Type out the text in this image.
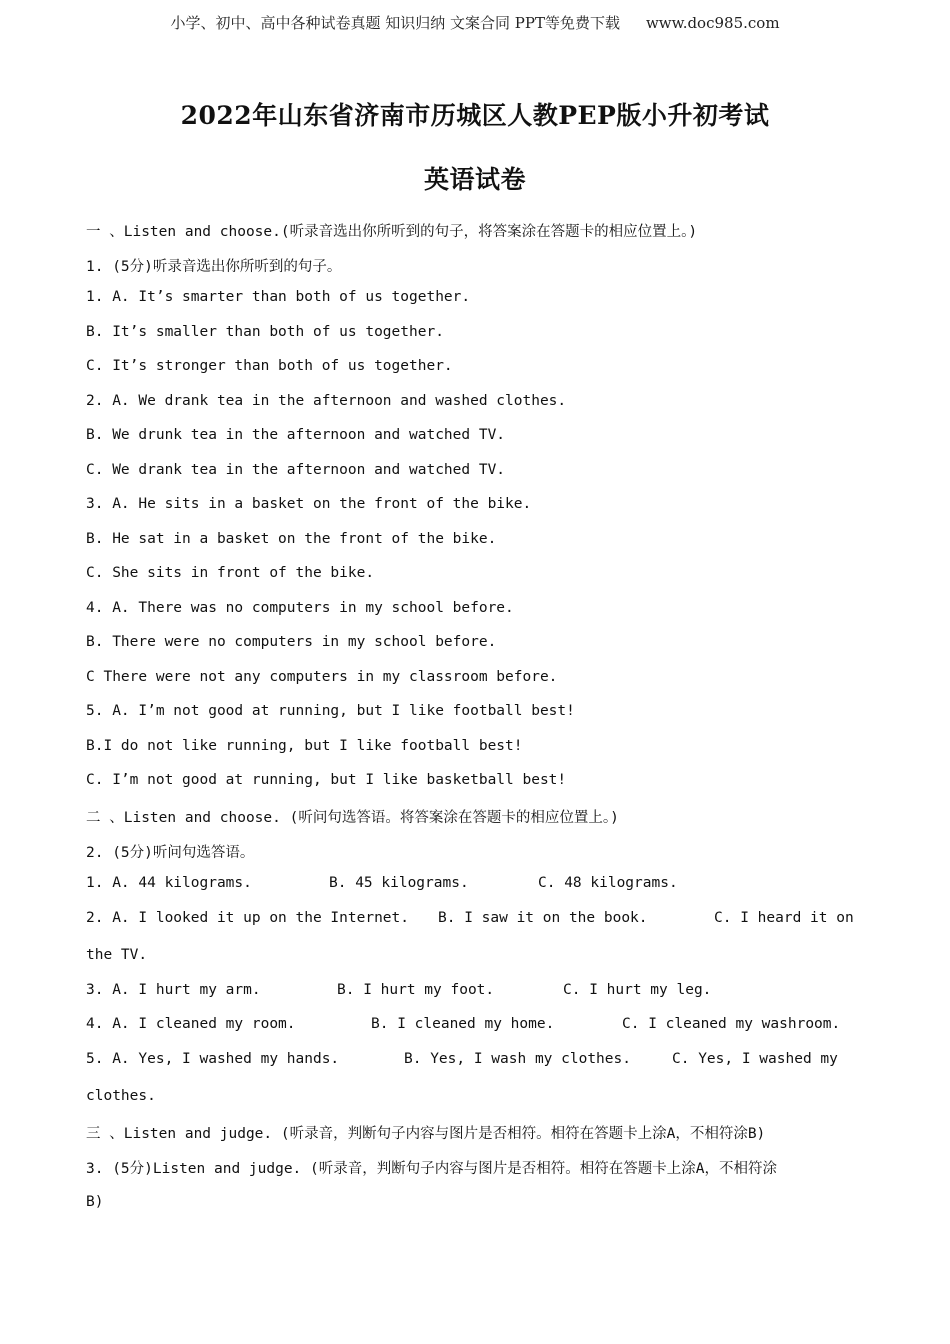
小学、初中、高中各种试卷真题 知识归纳 文案合同 PPT等免费下载 www.doc985.com
2022年山东省济南市历城区人教PEP版小升初考试
英语试卷
一 、Listen and choose.(听录音选出你所听到的句子，将答案涂在答题卡的相应位置上。)
1. (5分)听录音选出你所听到的句子。
1. A. It’s smarter than both of us together.
B. It’s smaller than both of us together.
C. It’s stronger than both of us together.
2. A. We drank tea in the afternoon and washed clothes.
B. We drunk tea in the afternoon and watched TV.
C. We drank tea in the afternoon and watched TV.
3. A. He sits in a basket on the front of the bike.
B. He sat in a basket on the front of the bike.
C. She sits in front of the bike.
4. A. There was no computers in my school before.
B. There were no computers in my school before.
C There were not any computers in my classroom before.
5. A. I’m not good at running, but I like football best!
B.I do not like running, but I like football best!
C. I’m not good at running, but I like basketball best!
二 、Listen and choose. (听问句选答语。将答案涂在答题卡的相应位置上。)
2. (5分)听问句选答语。
1. A. 44 kilograms.	B. 45 kilograms.	C. 48 kilograms.
2. A. I looked it up on the Internet. B. I saw it on the book.	C. I heard it on
the TV.
3. A. I hurt my arm.	B. I hurt my foot.	C. I hurt my leg.
4. A. I cleaned my room.	B. I cleaned my home.	C. I cleaned my washroom.
5. A. Yes, I washed my hands.	B. Yes, I wash my clothes.	C. Yes, I washed my
clothes.
三 、Listen and judge. (听录音，判断句子内容与图片是否相符。相符在答题卡上涂A，不相符涂B)
3. (5分)Listen and judge. (听录音，判断句子内容与图片是否相符。相符在答题卡上涂A，不相符涂
B)
